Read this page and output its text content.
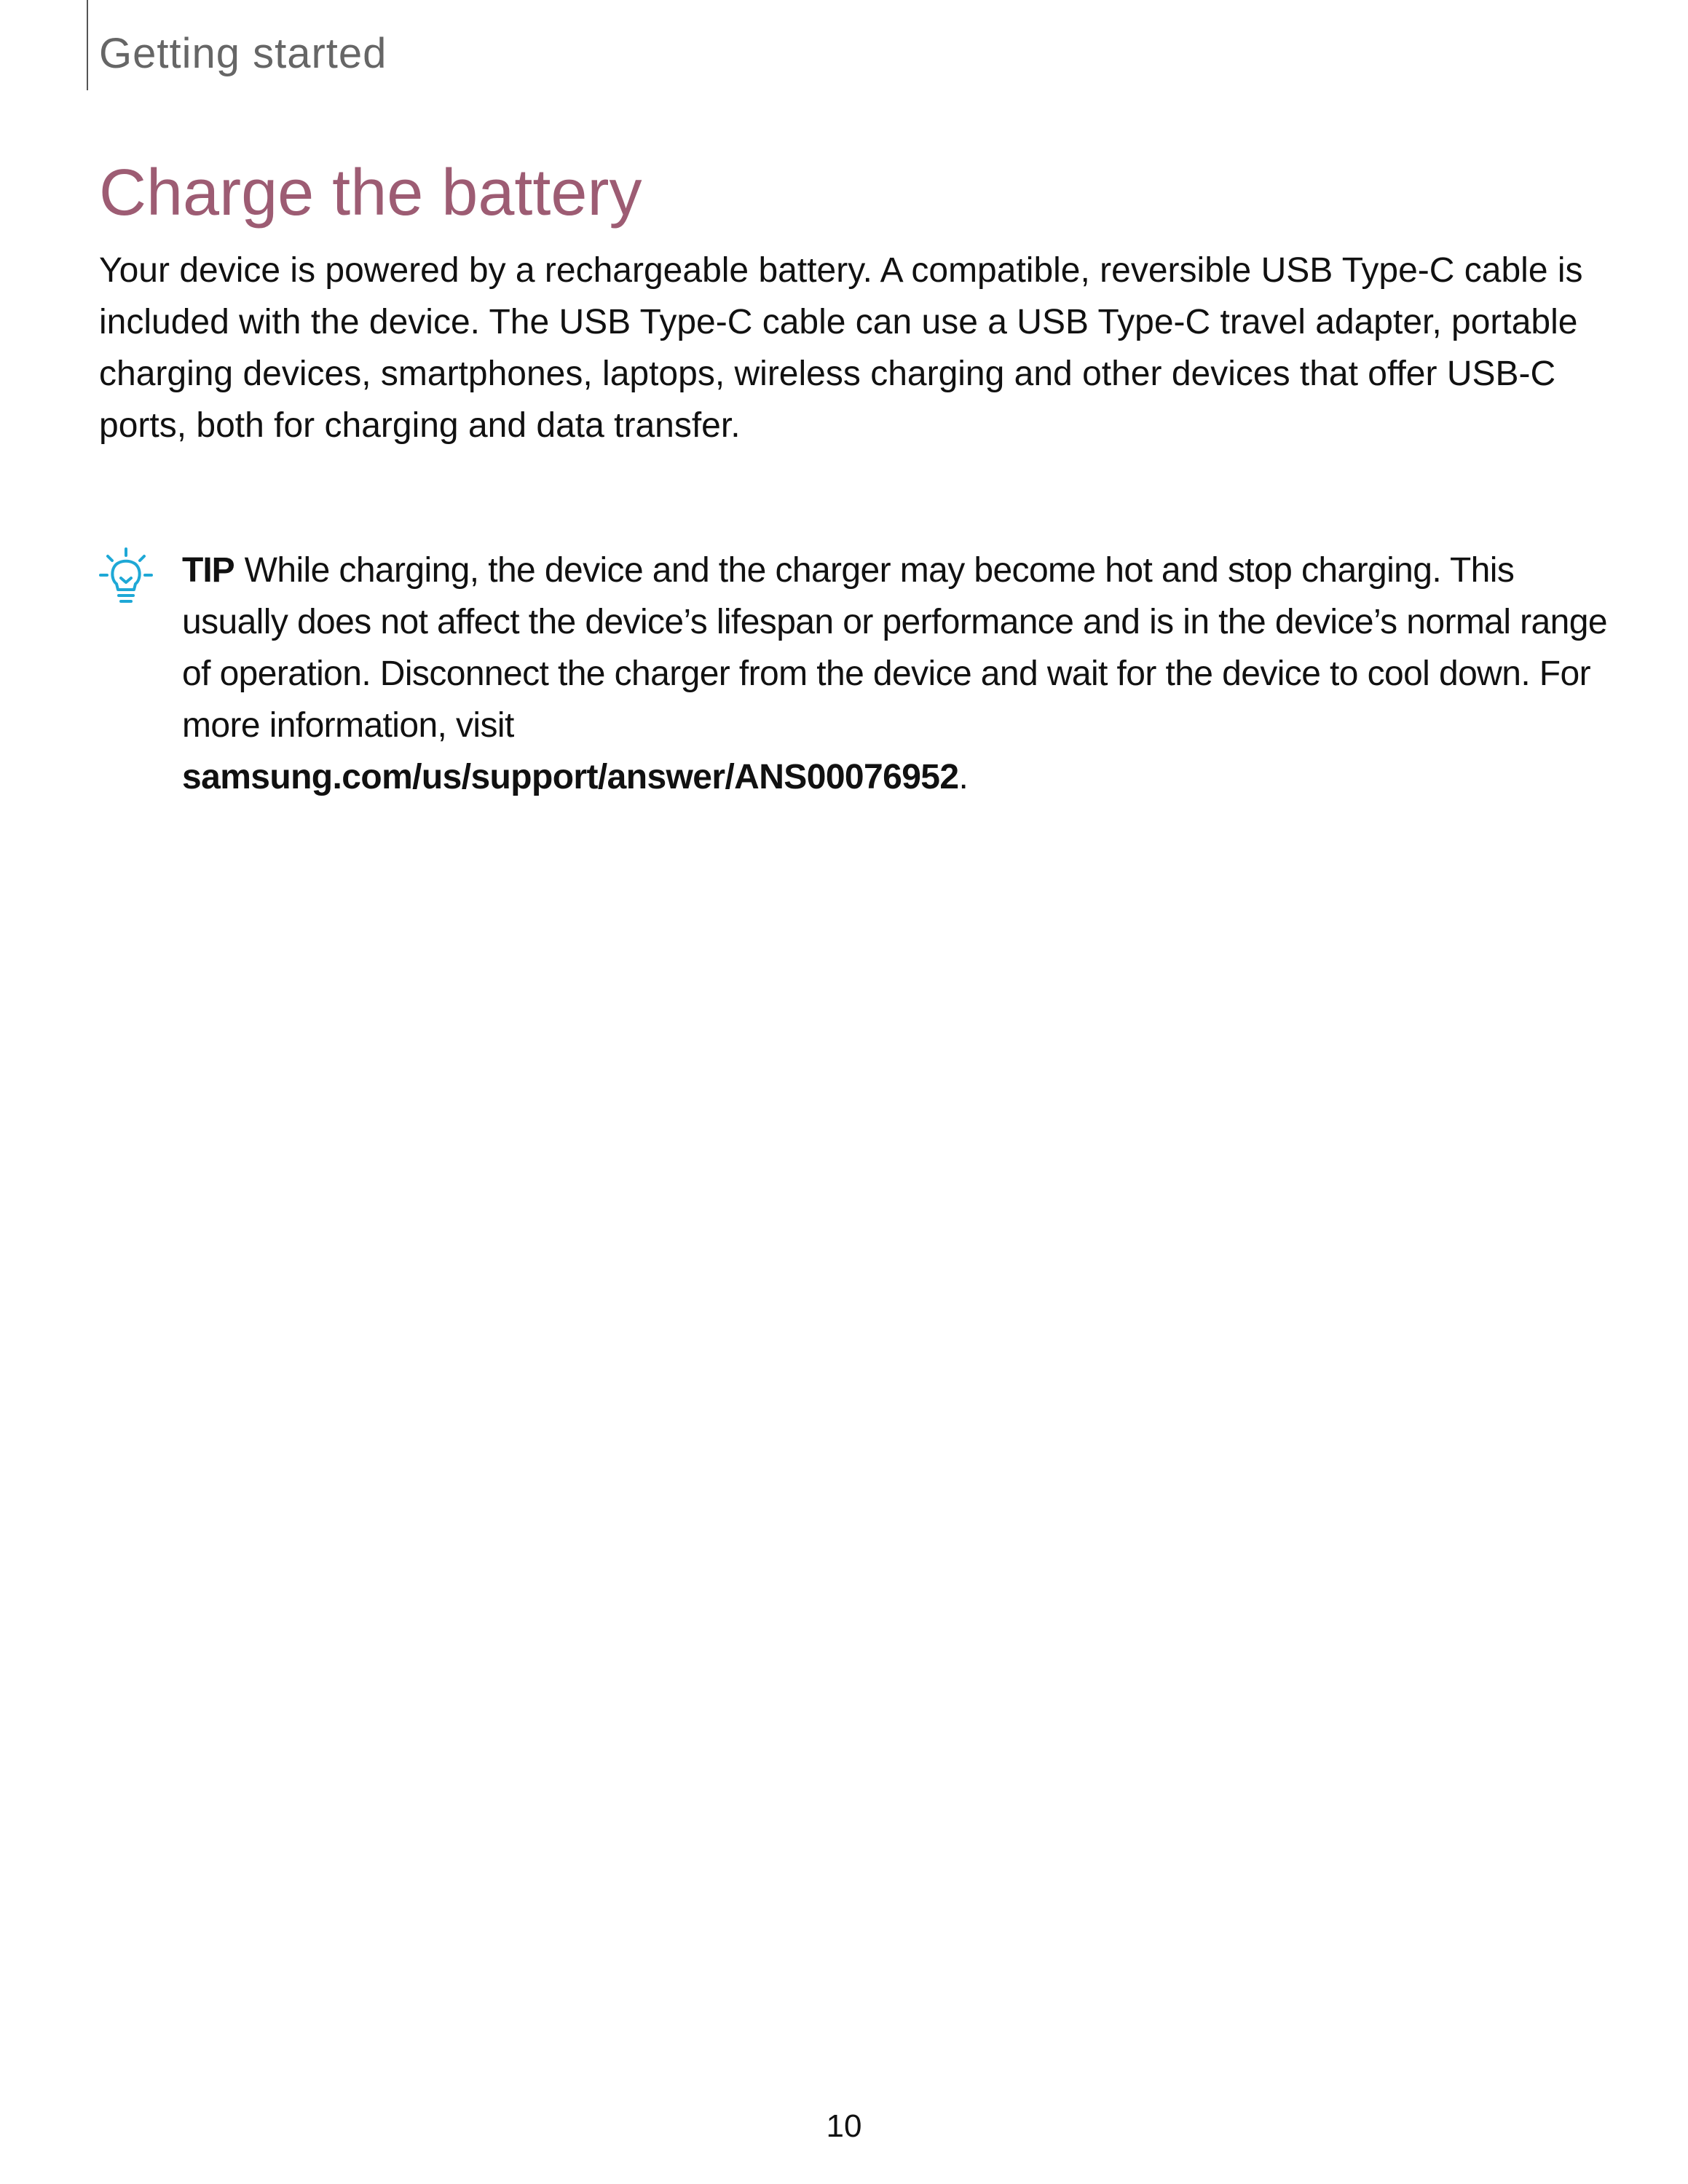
Getting started
Charge the battery

Your device is powered by a rechargeable battery. A compatible, reversible USB Type-C cable is included with the device. The USB Type-C cable can use a USB Type-C travel adapter, portable charging devices, smartphones, laptops, wireless charging and other devices that offer USB-C ports, both for charging and data transfer.

TIP While charging, the device and the charger may become hot and stop charging. This usually does not affect the device’s lifespan or performance and is in the device’s normal range of operation. Disconnect the charger from the device and wait for the device to cool down. For more information, visit
samsung.com/us/support/answer/ANS00076952.

10
